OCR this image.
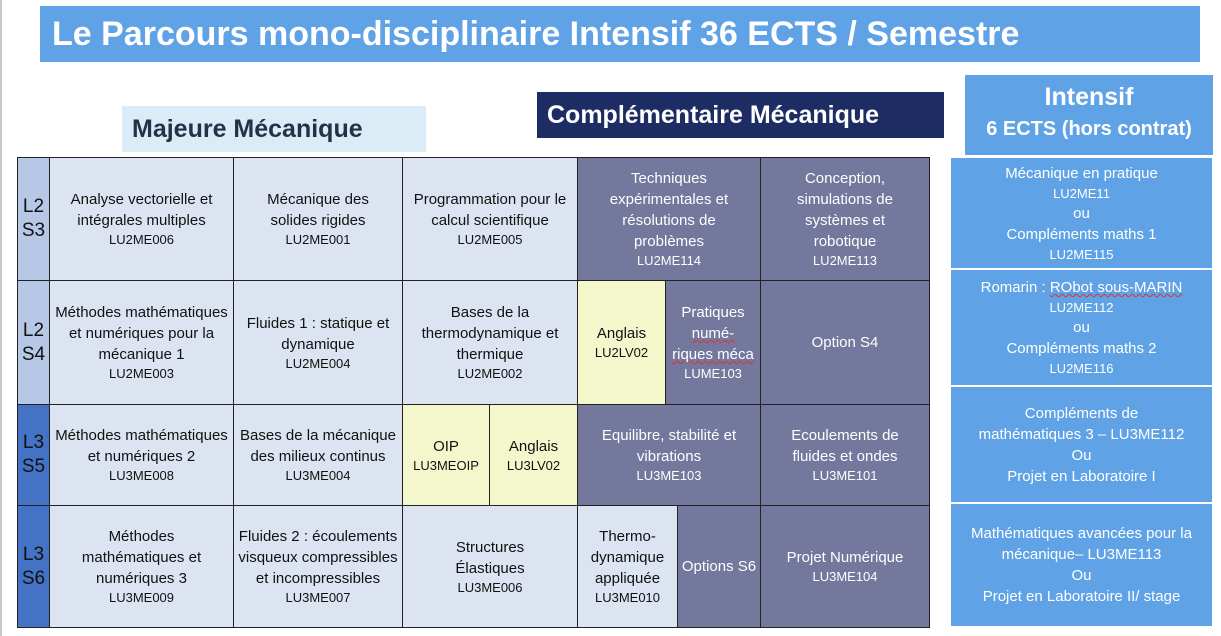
Le Parcours mono-disciplinaire Intensif 36 ECTS / Semestre
Majeure Mécanique	Complémentaire Mécanique
Intensif
6 ECTS (hors contrat)
L2
S3
Analyse vectorielle et intégrales multiples
LU2ME006
Mécanique des solides rigides
LU2ME001
Programmation pour le calcul scientifique
LU2ME005
Techniques expérimentales et résolutions de problèmes
LU2ME114
Conception, simulations de systèmes et robotique
LU2ME113
L2
S4
Méthodes mathématiques et numériques pour la mécanique 1
LU2ME003
Fluides 1 : statique et dynamique
LU2ME004
Bases de la thermodynamique et thermique
LU2ME002
Anglais
LU2LV02
Pratiques
numé-
riques méca
LUME103
Option S4
L3
S5
Méthodes mathématiques et numériques 2
LU3ME008
Bases de la mécanique des milieux continus
LU3ME004
OIP
LU3MEOIP
Anglais
LU3LV02
Equilibre, stabilité et vibrations
LU3ME103
Ecoulements de fluides et ondes
LU3ME101
L3
S6
Méthodes mathématiques et numériques 3
LU3ME009
Fluides 2 : écoulements visqueux compressibles et incompressibles
LU3ME007
Structures Élastiques
LU3ME006
Thermo-dynamique appliquée
LU3ME010
Options S6
Projet Numérique
LU3ME104
Mécanique en pratique
LU2ME11
ou
Compléments maths 1
LU2ME115
Romarin : RObot sous-MARIN
LU2ME112
ou
Compléments maths 2
LU2ME116
Compléments de mathématiques 3 – LU3ME112
Ou
Projet en Laboratoire I
Mathématiques avancées pour la mécanique– LU3ME113
Ou
Projet en Laboratoire II/ stage
